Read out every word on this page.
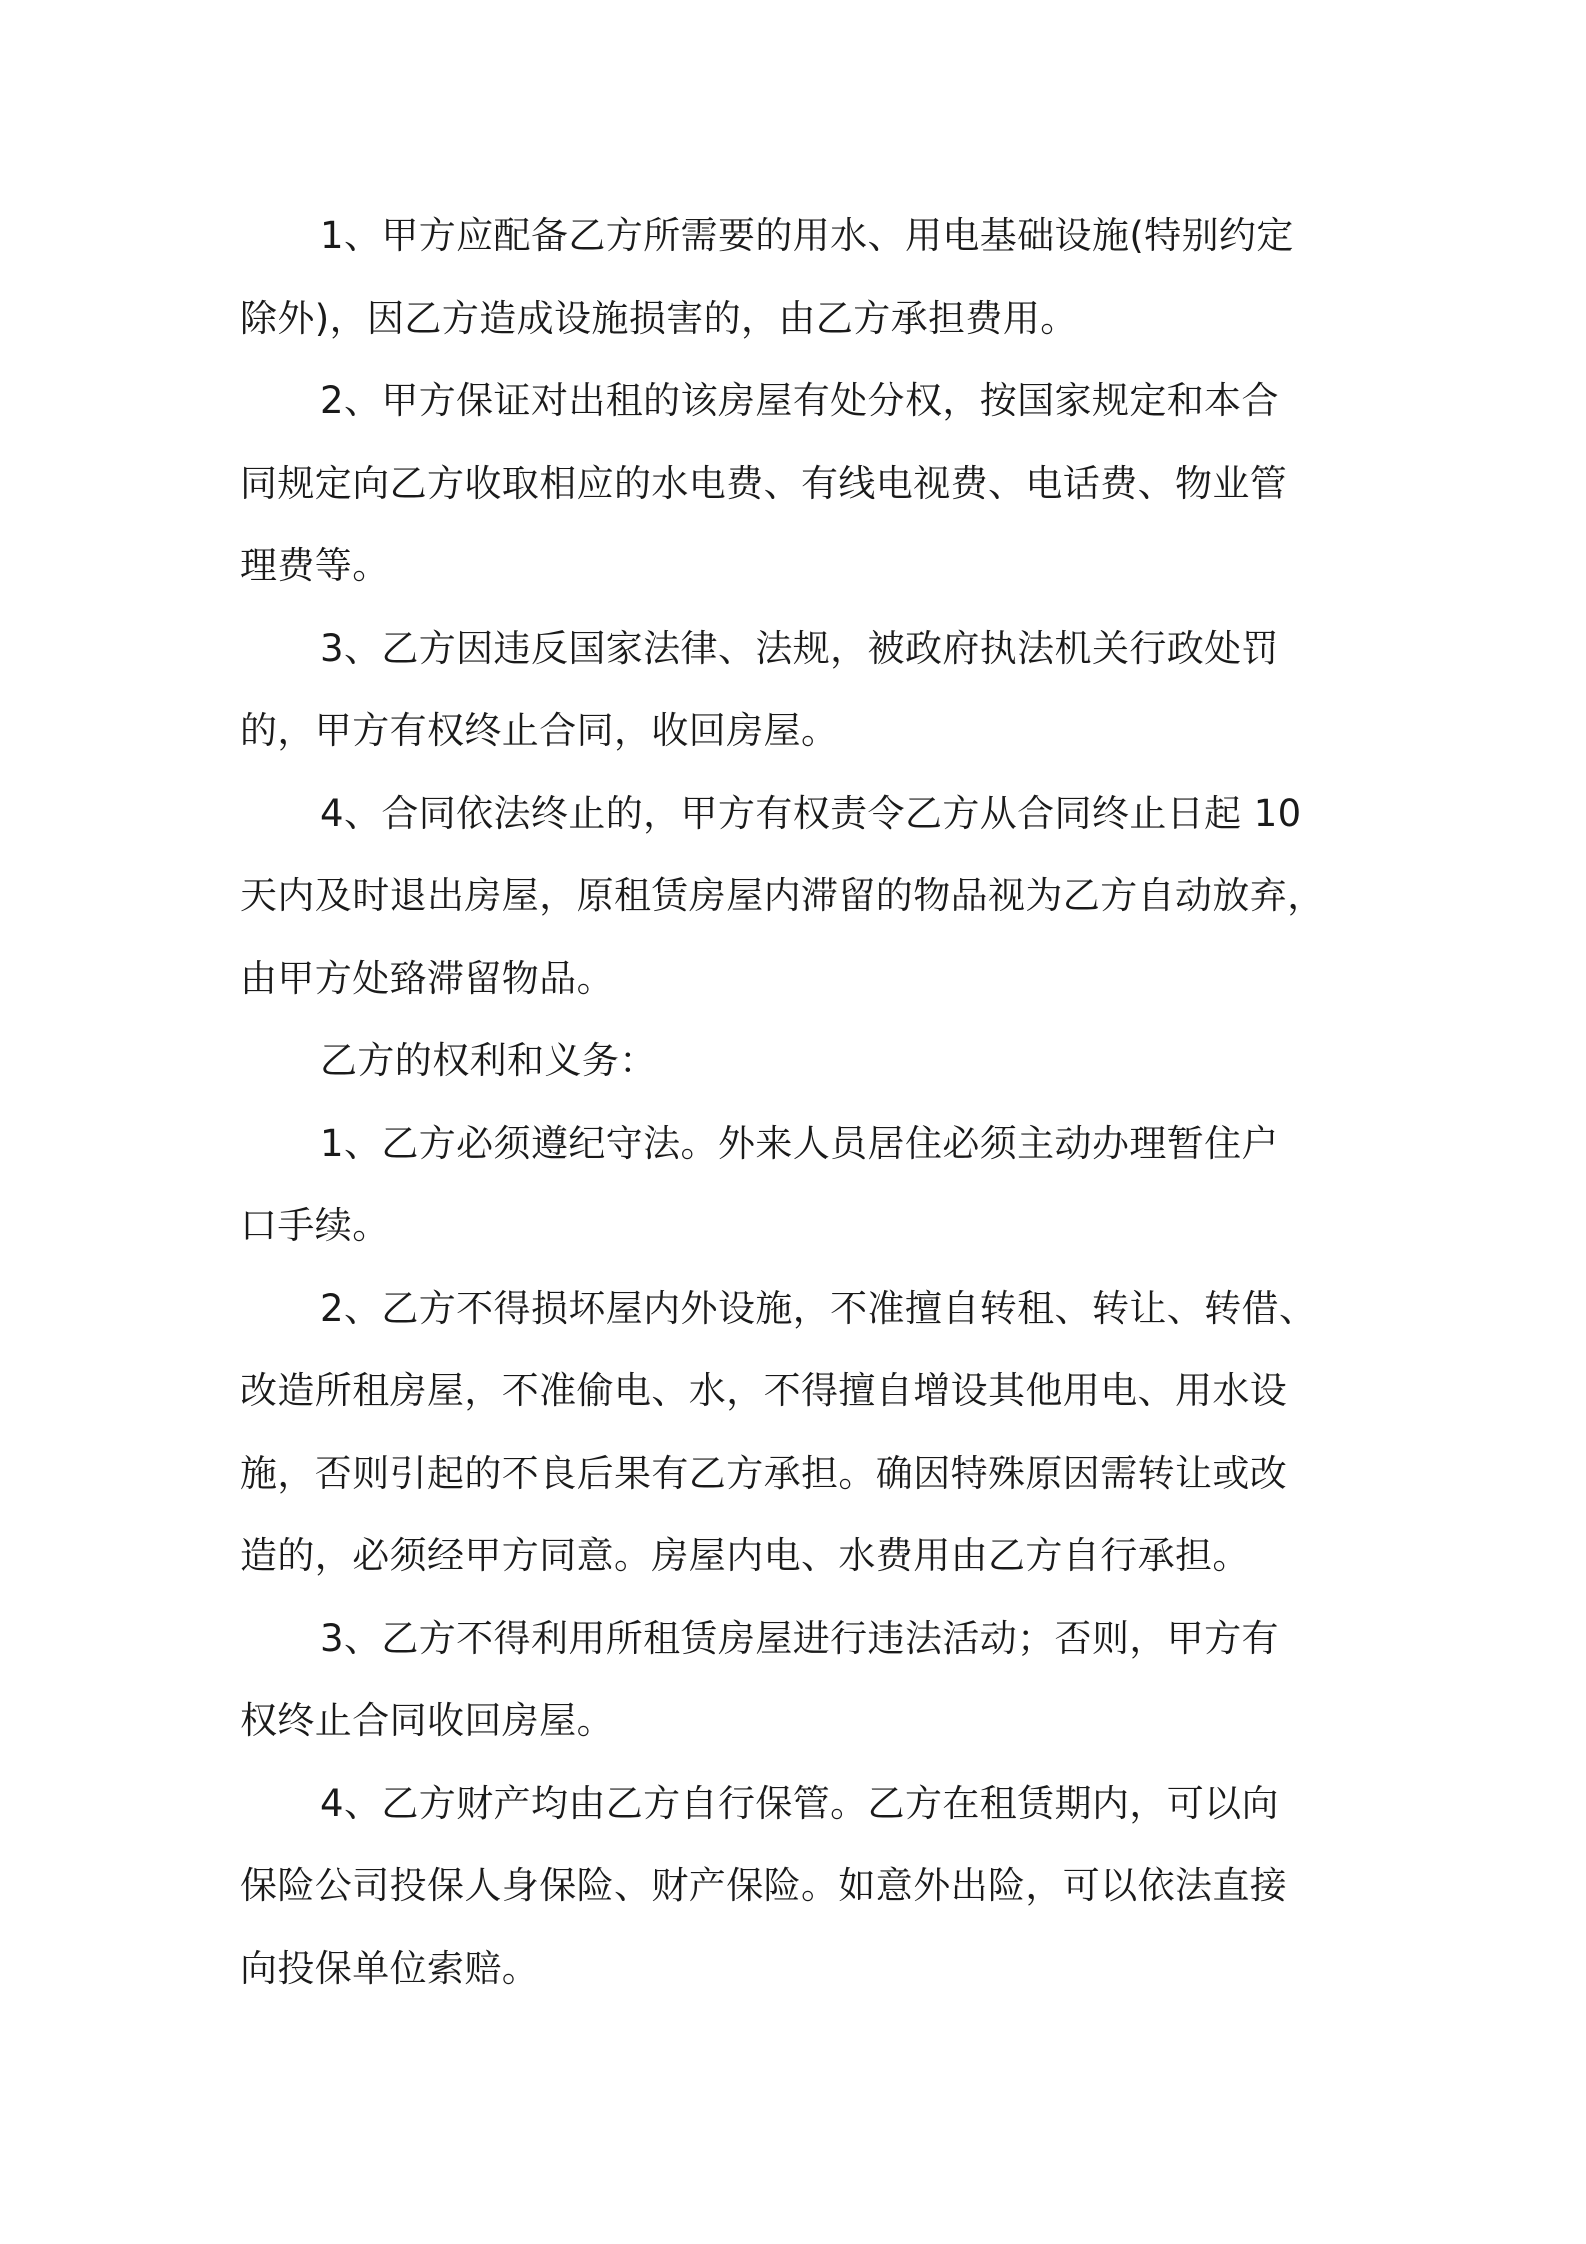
1、甲方应配备乙方所需要的用水、用电基础设施(特别约定
除外)，因乙方造成设施损害的，由乙方承担费用。

2、甲方保证对出租的该房屋有处分权，按国家规定和本合
同规定向乙方收取相应的水电费、有线电视费、电话费、物业管
理费等。

3、乙方因违反国家法律、法规，被政府执法机关行政处罚
的，甲方有权终止合同，收回房屋。

4、合同依法终止的，甲方有权责令乙方从合同终止日起 10
天内及时退出房屋，原租赁房屋内滞留的物品视为乙方自动放弃，
由甲方处臵滞留物品。

乙方的权利和义务：

1、乙方必须遵纪守法。外来人员居住必须主动办理暂住户
口手续。

2、乙方不得损坏屋内外设施，不准擅自转租、转让、转借、
改造所租房屋，不准偷电、水，不得擅自增设其他用电、用水设
施，否则引起的不良后果有乙方承担。确因特殊原因需转让或改
造的，必须经甲方同意。房屋内电、水费用由乙方自行承担。

3、乙方不得利用所租赁房屋进行违法活动；否则，甲方有
权终止合同收回房屋。

4、乙方财产均由乙方自行保管。乙方在租赁期内，可以向
保险公司投保人身保险、财产保险。如意外出险，可以依法直接
向投保单位索赔。
